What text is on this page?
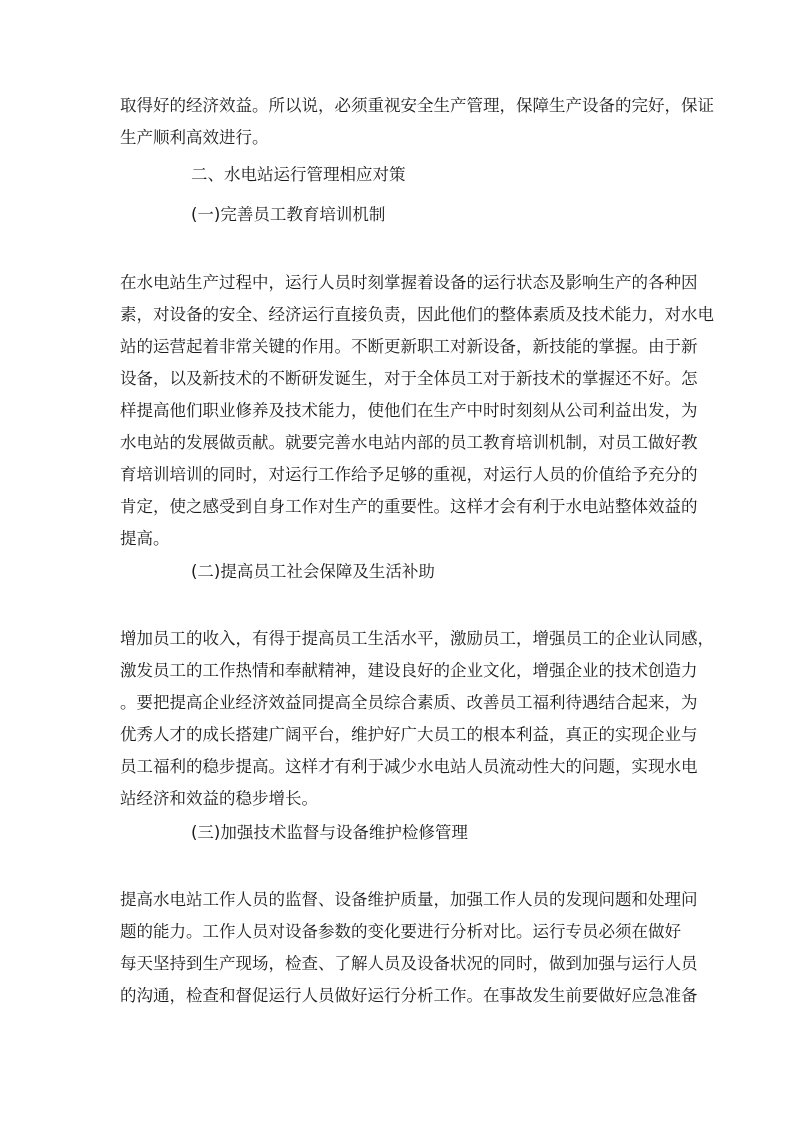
取得好的经济效益。所以说，必须重视安全生产管理，保障生产设备的完好，保证
生产顺利高效进行。
二、水电站运行管理相应对策
(一)完善员工教育培训机制
在水电站生产过程中，运行人员时刻掌握着设备的运行状态及影响生产的各种因
素，对设备的安全、经济运行直接负责，因此他们的整体素质及技术能力，对水电
站的运营起着非常关键的作用。不断更新职工对新设备，新技能的掌握。由于新
设备，以及新技术的不断研发诞生，对于全体员工对于新技术的掌握还不好。怎
样提高他们职业修养及技术能力，使他们在生产中时时刻刻从公司利益出发，为
水电站的发展做贡献。就要完善水电站内部的员工教育培训机制，对员工做好教
育培训培训的同时，对运行工作给予足够的重视，对运行人员的价值给予充分的
肯定，使之感受到自身工作对生产的重要性。这样才会有利于水电站整体效益的
提高。
(二)提高员工社会保障及生活补助
增加员工的收入，有得于提高员工生活水平，激励员工，增强员工的企业认同感，
激发员工的工作热情和奉献精神，建设良好的企业文化，增强企业的技术创造力
。要把提高企业经济效益同提高全员综合素质、改善员工福利待遇结合起来，为
优秀人才的成长搭建广阔平台，维护好广大员工的根本利益，真正的实现企业与
员工福利的稳步提高。这样才有利于减少水电站人员流动性大的问题，实现水电
站经济和效益的稳步增长。
(三)加强技术监督与设备维护检修管理
提高水电站工作人员的监督、设备维护质量，加强工作人员的发现问题和处理问
题的能力。工作人员对设备参数的变化要进行分析对比。运行专员必须在做好
每天坚持到生产现场，检查、了解人员及设备状况的同时，做到加强与运行人员
的沟通，检查和督促运行人员做好运行分析工作。在事故发生前要做好应急准备
